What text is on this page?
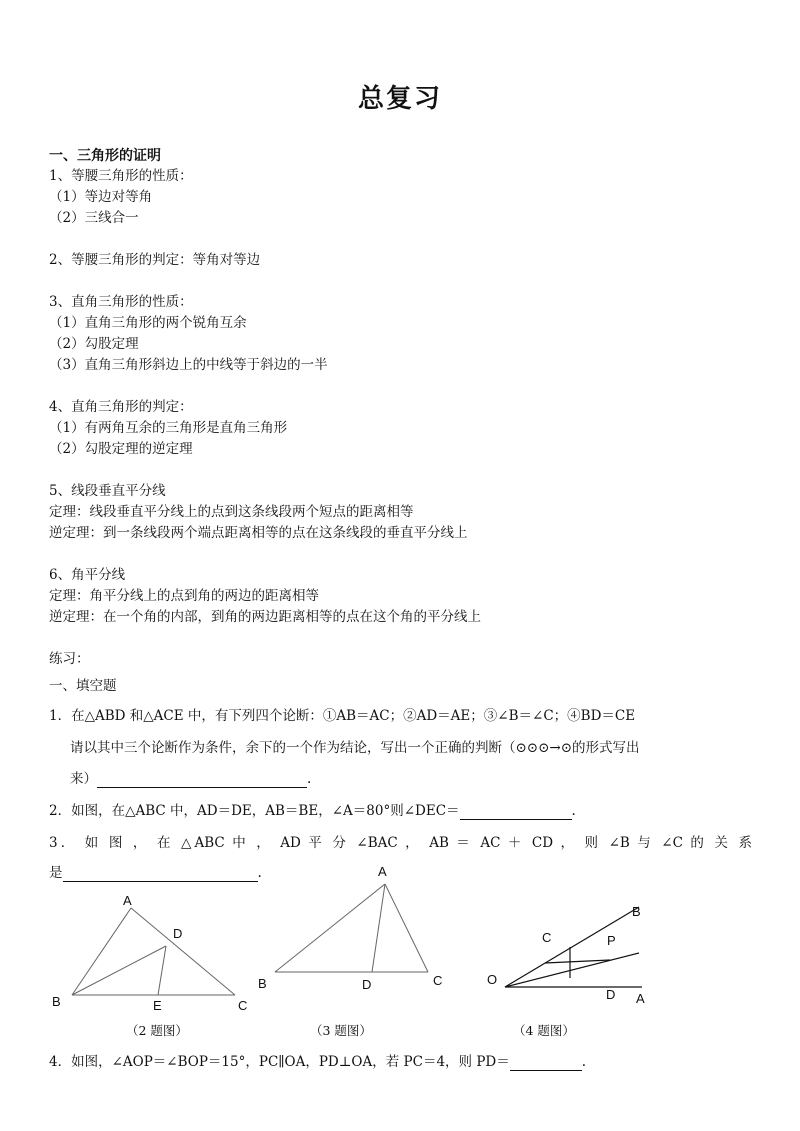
总复习
一、三角形的证明
1、等腰三角形的性质：
（1）等边对等角
（2）三线合一
2、等腰三角形的判定：等角对等边
3、直角三角形的性质：
（1）直角三角形的两个锐角互余
（2）勾股定理
（3）直角三角形斜边上的中线等于斜边的一半
4、直角三角形的判定：
（1）有两角互余的三角形是直角三角形
（2）勾股定理的逆定理
5、线段垂直平分线
定理：线段垂直平分线上的点到这条线段两个短点的距离相等
逆定理：到一条线段两个端点距离相等的点在这条线段的垂直平分线上
6、角平分线
定理：角平分线上的点到角的两边的距离相等
逆定理：在一个角的内部，到角的两边距离相等的点在这个角的平分线上
练习：
一、填空题
1．在△ABD 和△ACE 中，有下列四个论断：①AB＝AC；②AD＝AE；③∠B＝∠C；④BD＝CE
请以其中三个论断作为条件，余下的一个作为结论，写出一个正确的判断（⊙⊙⊙→⊙的形式写出
来）	.
2．如图，在△ABC 中，AD＝DE，AB＝BE，∠A＝80°则∠DEC＝	.
3． 如 图 ， 在 △ABC 中 ， AD 平 分 ∠BAC ， AB ＝ AC ＋ CD ， 则 ∠B 与 ∠C 的 关 系
是	.
A
B	C
D
E
（2 题图）
A
B	C
D
（3 题图）
B
C	P
O
D A
（4 题图）
4．如图，∠AOP＝∠BOP＝15°，PC∥OA，PD⊥OA，若 PC＝4，则 PD＝	.
